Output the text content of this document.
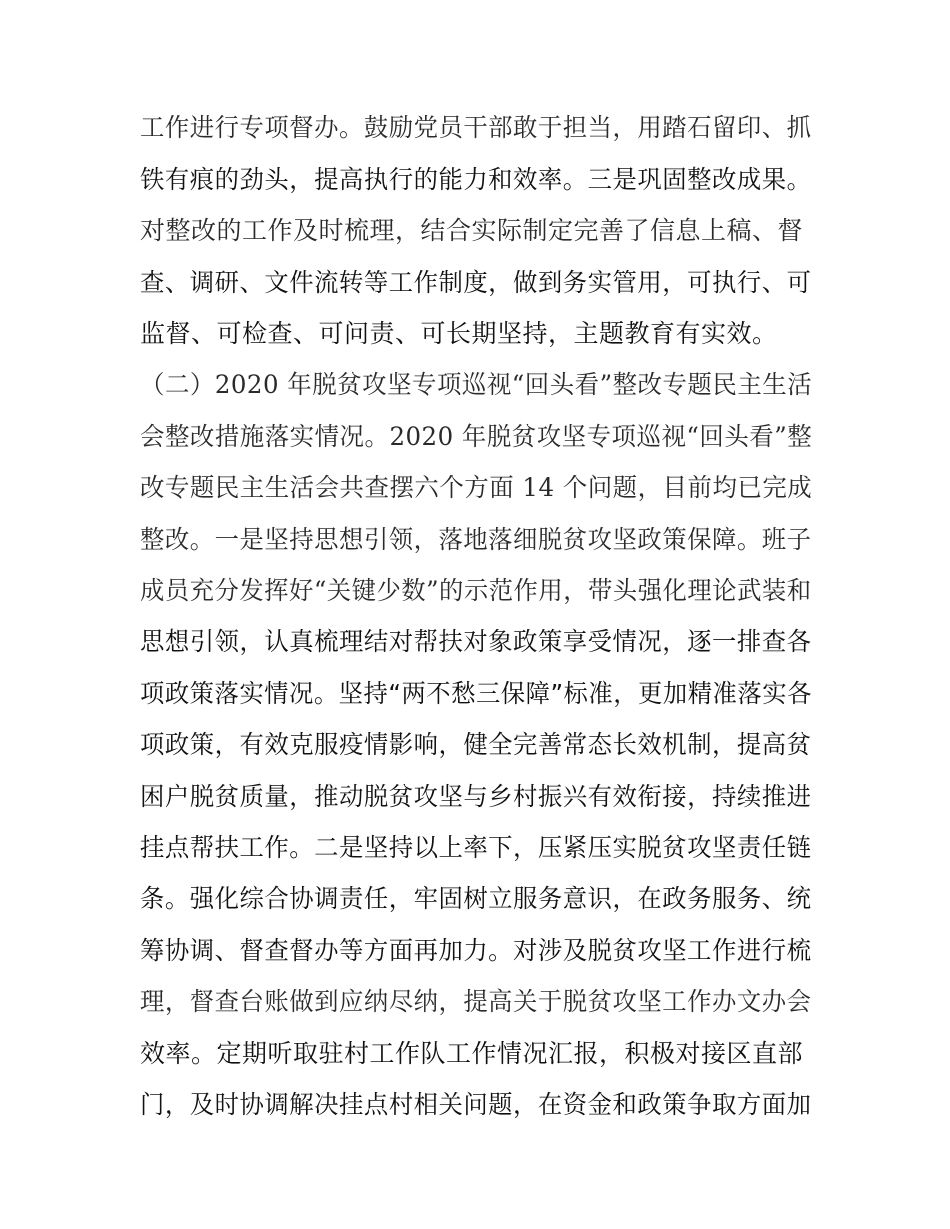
工作进行专项督办。鼓励党员干部敢于担当，用踏石留印、抓
铁有痕的劲头，提高执行的能力和效率。三是巩固整改成果。
对整改的工作及时梳理，结合实际制定完善了信息上稿、督
查、调研、文件流转等工作制度，做到务实管用，可执行、可
监督、可检查、可问责、可长期坚持，主题教育有实效。
（二）2020 年脱贫攻坚专项巡视“回头看”整改专题民主生活
会整改措施落实情况。2020 年脱贫攻坚专项巡视“回头看”整
改专题民主生活会共查摆六个方面 14 个问题，目前均已完成
整改。一是坚持思想引领，落地落细脱贫攻坚政策保障。班子
成员充分发挥好“关键少数”的示范作用，带头强化理论武装和
思想引领，认真梳理结对帮扶对象政策享受情况，逐一排查各
项政策落实情况。坚持“两不愁三保障”标准，更加精准落实各
项政策，有效克服疫情影响，健全完善常态长效机制，提高贫
困户脱贫质量，推动脱贫攻坚与乡村振兴有效衔接，持续推进
挂点帮扶工作。二是坚持以上率下，压紧压实脱贫攻坚责任链
条。强化综合协调责任，牢固树立服务意识，在政务服务、统
筹协调、督查督办等方面再加力。对涉及脱贫攻坚工作进行梳
理，督查台账做到应纳尽纳，提高关于脱贫攻坚工作办文办会
效率。定期听取驻村工作队工作情况汇报，积极对接区直部
门，及时协调解决挂点村相关问题，在资金和政策争取方面加
